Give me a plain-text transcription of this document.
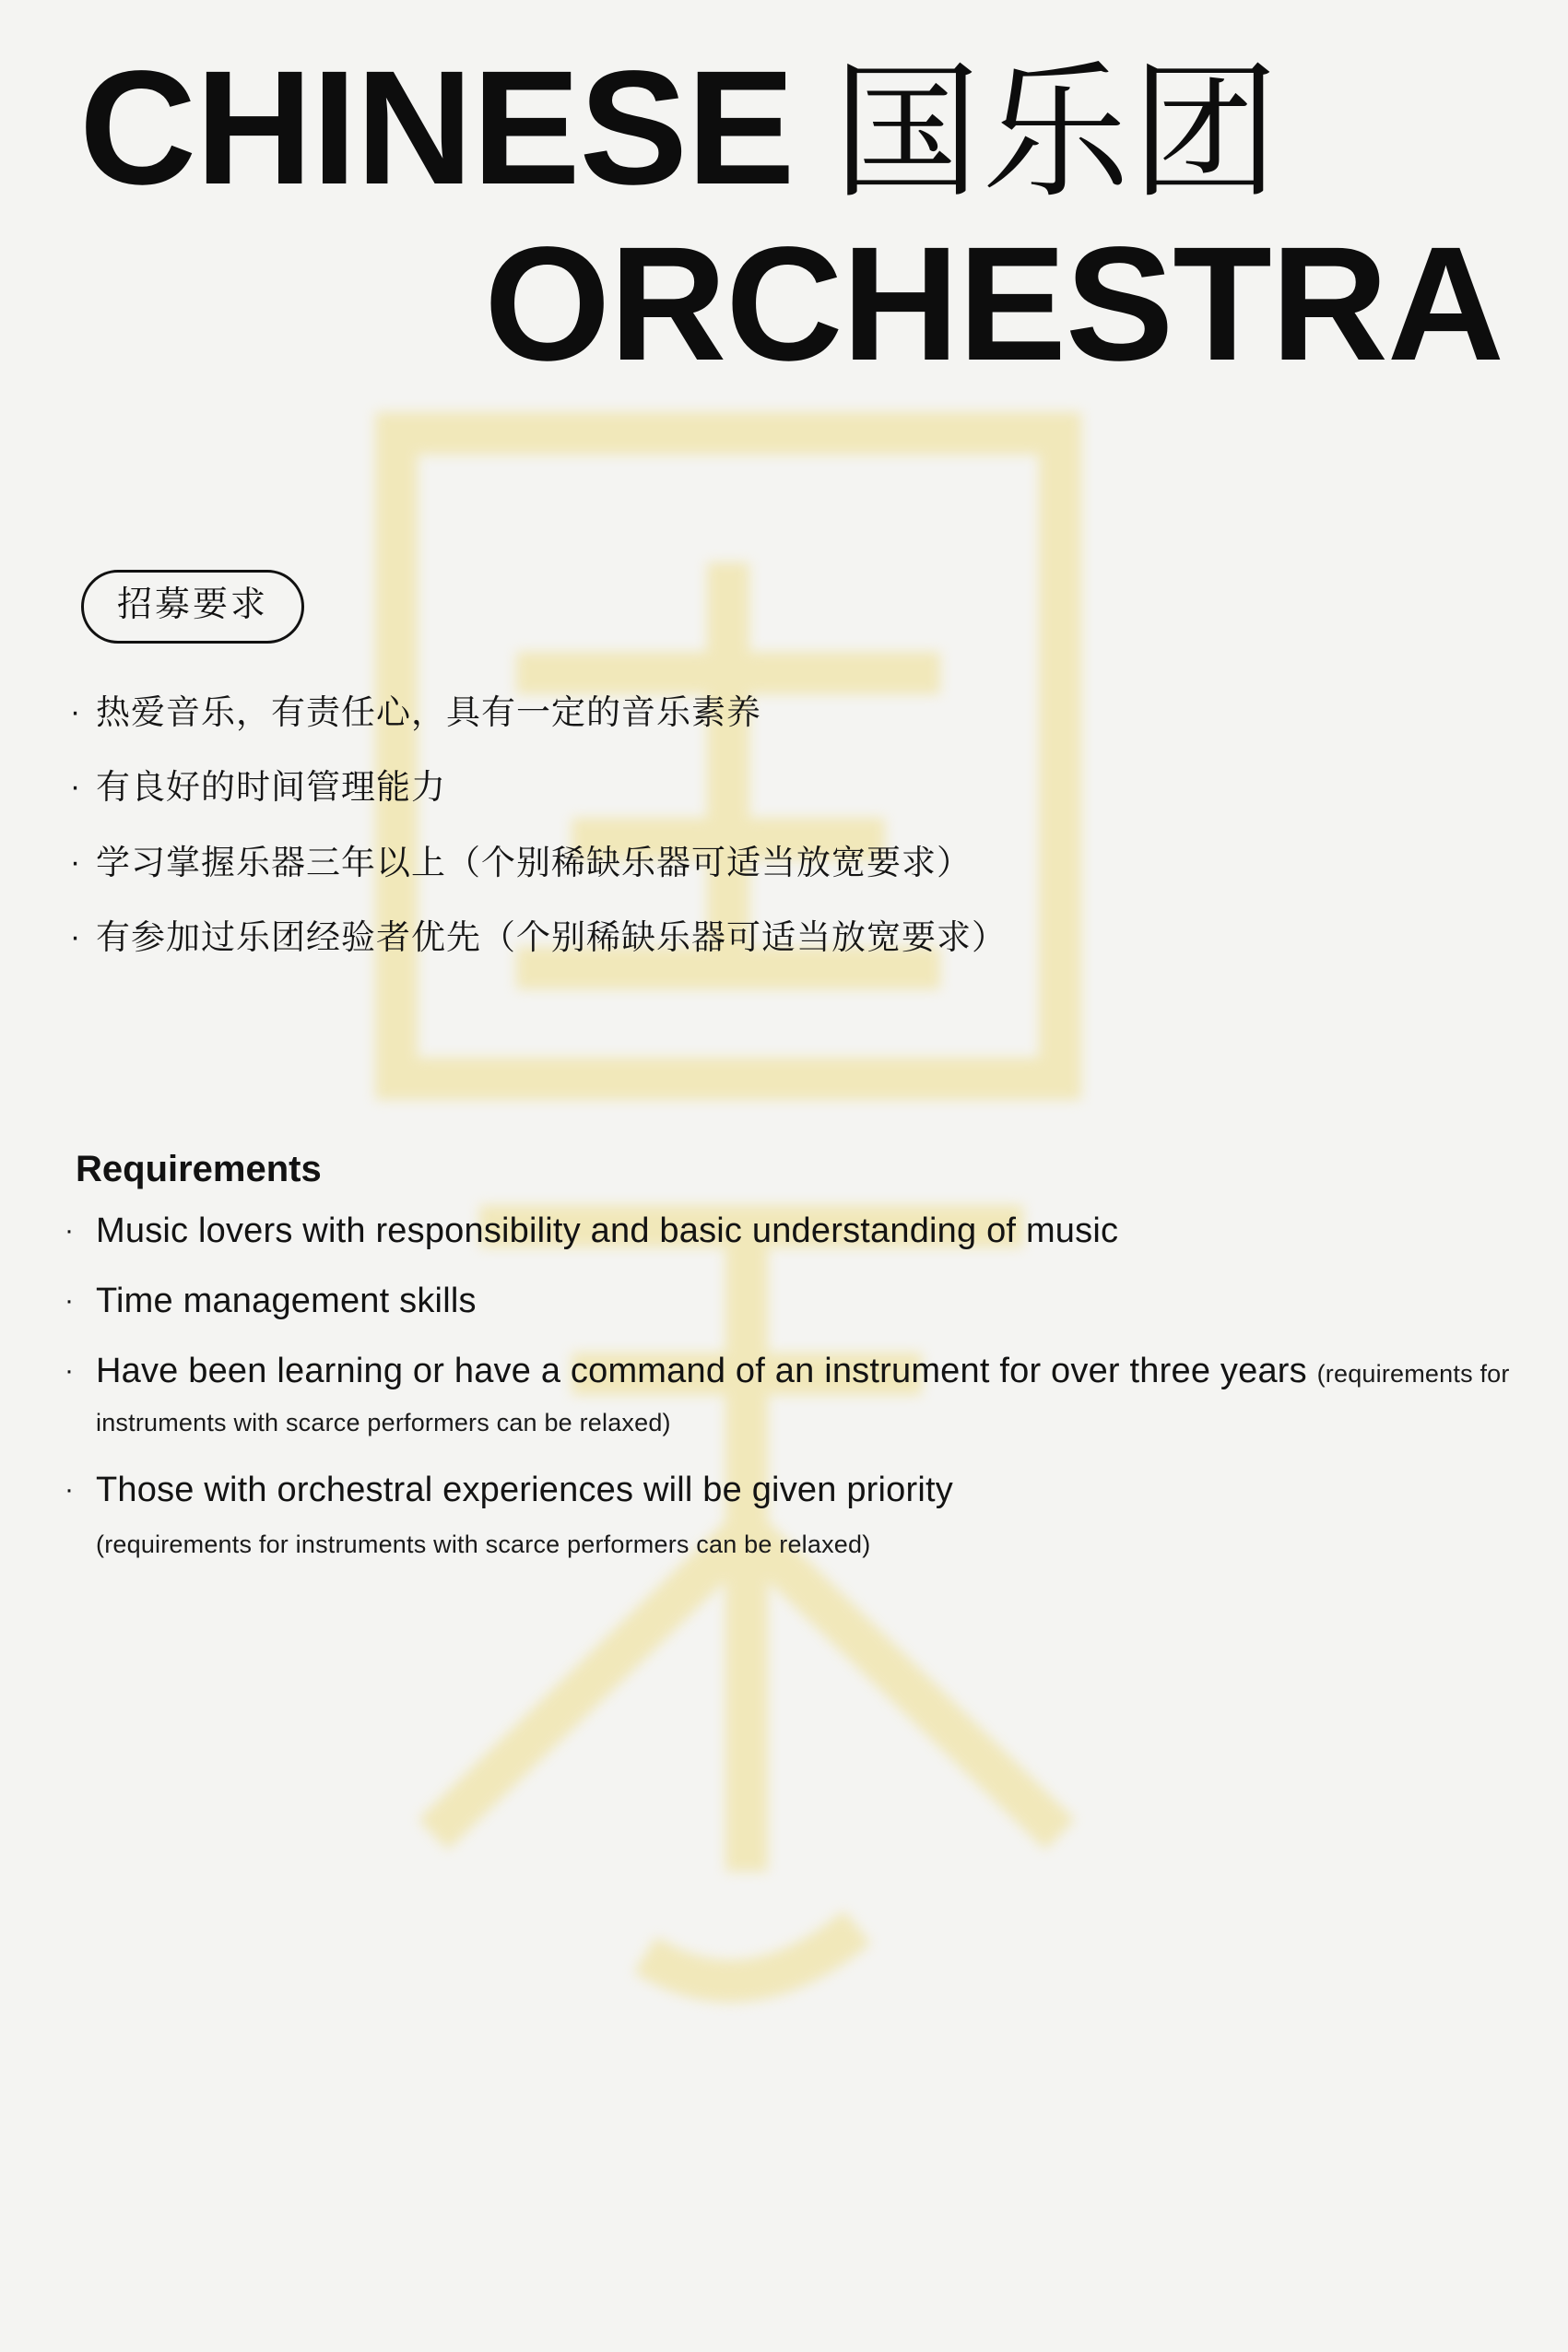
CHINESE 国乐团
ORCHESTRA
招募要求
· 热爱音乐，有责任心，具有一定的音乐素养
· 有良好的时间管理能力
· 学习掌握乐器三年以上（个别稀缺乐器可适当放宽要求）
· 有参加过乐团经验者优先（个别稀缺乐器可适当放宽要求）
Requirements
· Music lovers with responsibility and basic understanding of music
· Time management skills
· Have been learning or have a command of an instrument for over three years (requirements for instruments with scarce performers can be relaxed)
· Those with orchestral experiences will be given priority
(requirements for instruments with scarce performers can be relaxed)
